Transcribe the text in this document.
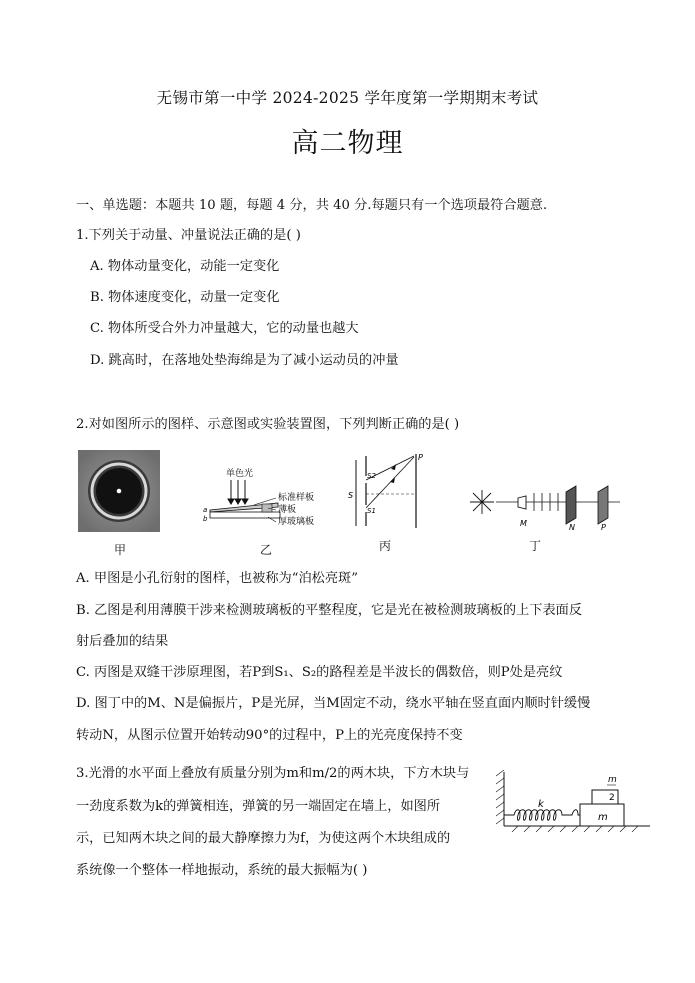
无锡市第一中学 2024-2025 学年度第一学期期末考试
高二物理
一、单选题：本题共 10 题，每题 4 分，共 40 分.每题只有一个选项最符合题意.
1.下列关于动量、冲量说法正确的是( )
A. 物体动量变化，动能一定变化
B. 物体速度变化，动量一定变化
C. 物体所受合外力冲量越大，它的动量也越大
D. 跳高时，在落地处垫海绵是为了减小运动员的冲量
2.对如图所示的图样、示意图或实验装置图，下列判断正确的是( )
甲
单色光
a
b
标准样板
薄板
厚玻璃板
乙
P
S
S2
S1
丙
M	N	P
丁
A. 甲图是小孔衍射的图样，也被称为“泊松亮斑”
B. 乙图是利用薄膜干涉来检测玻璃板的平整程度，它是光在被检测玻璃板的上下表面反
射后叠加的结果
C. 丙图是双缝干涉原理图，若P到S₁、S₂的路程差是半波长的偶数倍，则P处是亮纹
D. 图丁中的M、N是偏振片，P是光屏，当M固定不动，绕水平轴在竖直面内顺时针缓慢
转动N，从图示位置开始转动90°的过程中，P上的光亮度保持不变
3.光滑的水平面上叠放有质量分别为m和m/2的两木块，下方木块与
一劲度系数为k的弹簧相连，弹簧的另一端固定在墙上，如图所
示，已知两木块之间的最大静摩擦力为f，为使这两个木块组成的
系统像一个整体一样地振动，系统的最大振幅为( )
k
m
m
2
